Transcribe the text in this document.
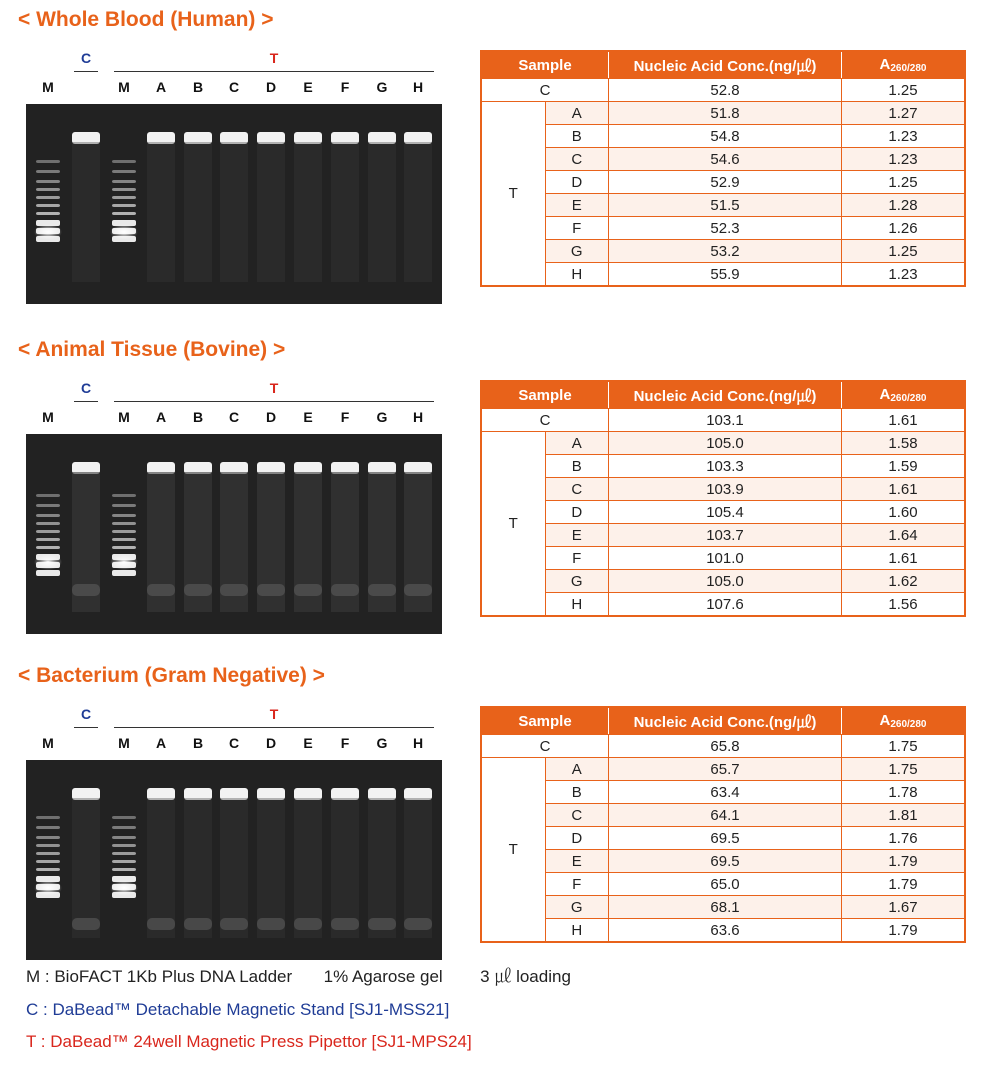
< Whole Blood (Human) >
C	T
M	M	A	B	C	D	E	F	G	H
Sample		Nucleic Acid Conc.(ng/㎕)	$A_{260/280}$
C		52.8	1.25
T	A	51.8	1.27
	B	54.8	1.23
	C	54.6	1.23
	D	52.9	1.25
	E	51.5	1.28
	F	52.3	1.26
	G	53.2	1.25
	H	55.9	1.23
< Animal Tissue (Bovine) >
C	T
M	M	A	B	C	D	E	F	G	H
Sample		Nucleic Acid Conc.(ng/㎕)	$A_{260/280}$
C		103.1	1.61
T	A	105.0	1.58
	B	103.3	1.59
	C	103.9	1.61
	D	105.4	1.60
	E	103.7	1.64
	F	101.0	1.61
	G	105.0	1.62
	H	107.6	1.56
< Bacterium (Gram Negative) >
C	T
M	M	A	B	C	D	E	F	G	H
Sample		Nucleic Acid Conc.(ng/㎕)	$A_{260/280}$
C		65.8	1.75
T	A	65.7	1.75
	B	63.4	1.78
	C	64.1	1.81
	D	69.5	1.76
	E	69.5	1.79
	F	65.0	1.79
	G	68.1	1.67
	H	63.6	1.79
M : BioFACT 1Kb Plus DNA Ladder 1% Agarose gel 3 ㎕ loading
C : DaBead™ Detachable Magnetic Stand [SJ1-MSS21]
T : DaBead™ 24well Magnetic Press Pipettor [SJ1-MPS24]
